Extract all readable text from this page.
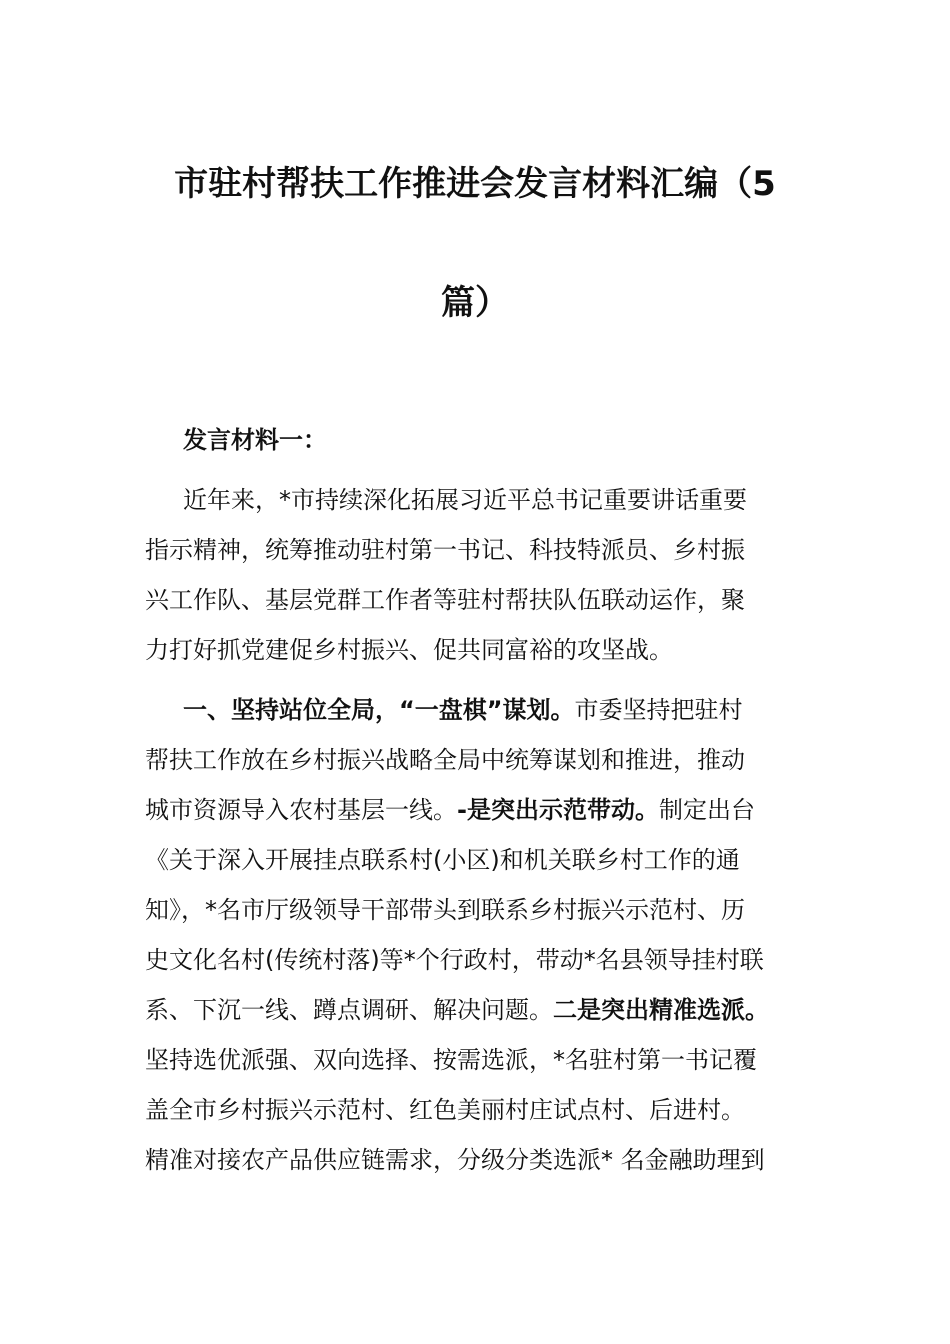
市驻村帮扶工作推进会发言材料汇编（5
篇）

发言材料一：

近年来，*市持续深化拓展习近平总书记重要讲话重要
指示精神，统筹推动驻村第一书记、科技特派员、乡村振
兴工作队、基层党群工作者等驻村帮扶队伍联动运作，聚
力打好抓党建促乡村振兴、促共同富裕的攻坚战。
一、坚持站位全局，“一盘棋”谋划。市委坚持把驻村
帮扶工作放在乡村振兴战略全局中统筹谋划和推进，推动
城市资源导入农村基层一线。-是突出示范带动。制定出台
《关于深入开展挂点联系村(小区)和机关联乡村工作的通
知》，*名市厅级领导干部带头到联系乡村振兴示范村、历
史文化名村(传统村落)等*个行政村，带动*名县领导挂村联
系、下沉一线、蹲点调研、解决问题。二是突出精准选派。
坚持选优派强、双向选择、按需选派，*名驻村第一书记覆
盖全市乡村振兴示范村、红色美丽村庄试点村、后进村。
精准对接农产品供应链需求，分级分类选派* 名金融助理到
